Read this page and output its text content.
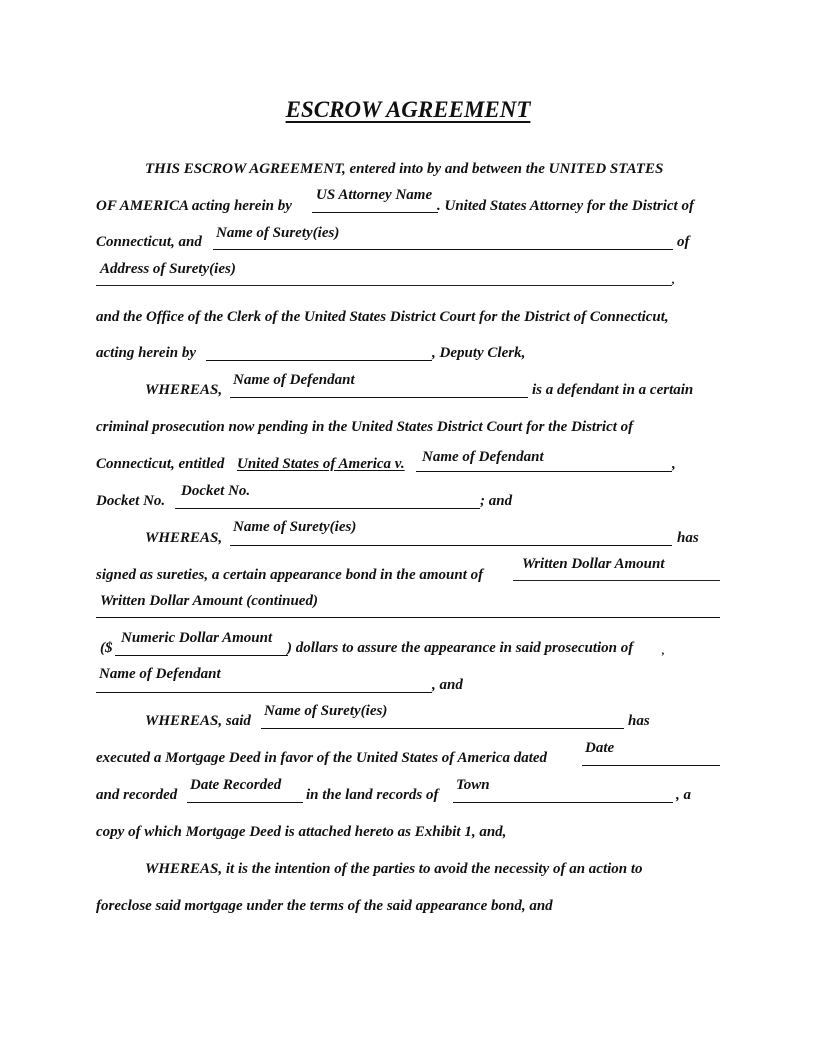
ESCROW AGREEMENT
THIS ESCROW AGREEMENT, entered into by and between the UNITED STATES
OF AMERICA acting herein by
US Attorney Name
. United States Attorney for the District of
Connecticut, and
Name of Surety(ies)
of
Address of Surety(ies)
,
and the Office of the Clerk of the United States District Court for the District of Connecticut,
acting herein by	, Deputy Clerk,
WHEREAS,
Name of Defendant
is a defendant in a certain
criminal prosecution now pending in the United States District Court for the District of
Connecticut, entitled United States of America v. Name of Defendant	,
Docket No.
Docket No.
; and
WHEREAS,
Name of Surety(ies)
has
signed as sureties, a certain appearance bond in the amount of
Written Dollar Amount
Written Dollar Amount (continued)
($
Numeric Dollar Amount
) dollars to assure the appearance in said prosecution of	,
Name of Defendant
, and
WHEREAS, said
Name of Surety(ies)
has
executed a Mortgage Deed in favor of the United States of America dated
Date
and recorded
Date Recorded
in the land records of
Town
, a
copy of which Mortgage Deed is attached hereto as Exhibit 1, and,
WHEREAS, it is the intention of the parties to avoid the necessity of an action to
foreclose said mortgage under the terms of the said appearance bond, and
